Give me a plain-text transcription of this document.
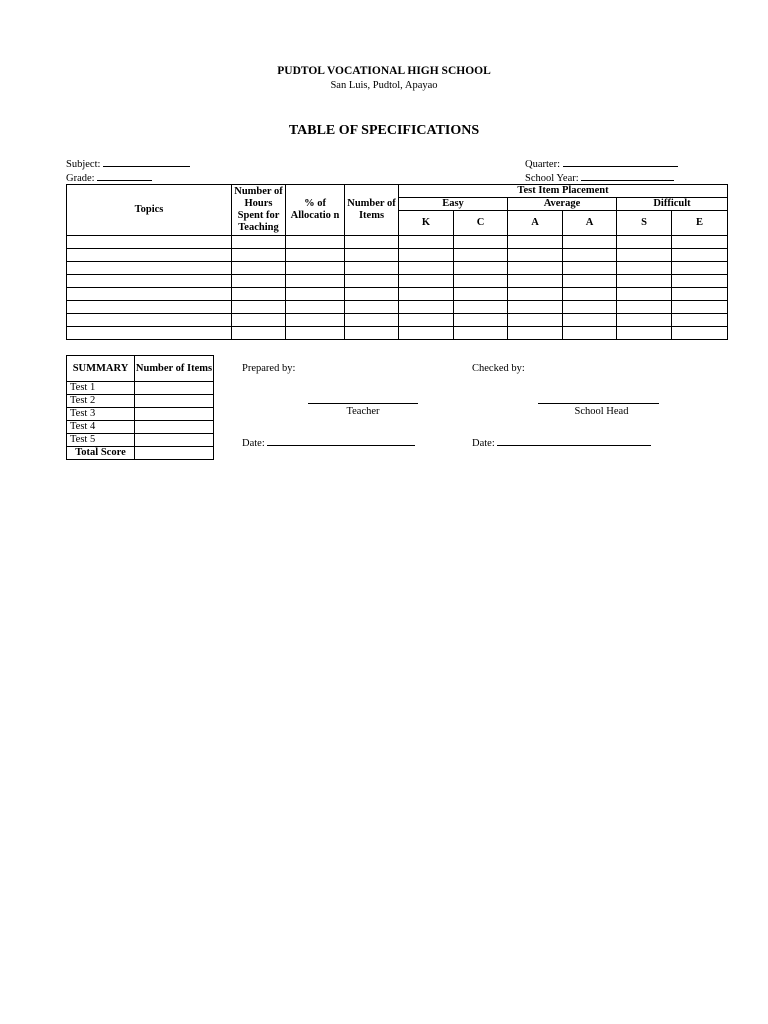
PUDTOL VOCATIONAL HIGH SCHOOL
San Luis, Pudtol, Apayao
TABLE OF SPECIFICATIONS
Subject:
Grade:
Quarter:
School Year:
Topics	Number of Hours Spent for Teaching	% of Allocatio n	Number of Items	Test Item Placement					
				Easy		Average		Difficult	
				K	C	A	A	S	E

SUMMARY	Number of Items
Test 1	
Test 2	
Test 3	
Test 4	
Test 5	
Total Score	
Prepared by:	Checked by:
Teacher	School Head
Date:	Date:
